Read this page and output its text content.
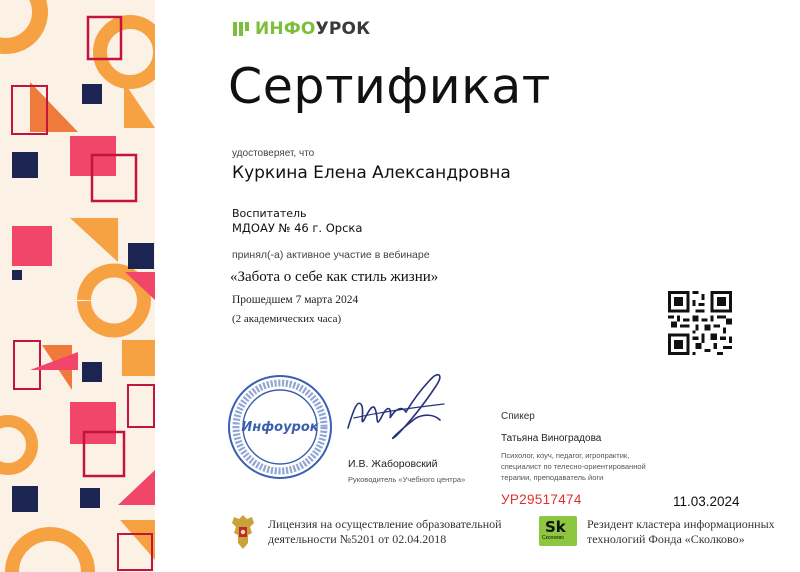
ИНФОУРОК
Сертификат
удостоверяет, что
Куркина Елена Александровна
Воспитатель
МДОАУ № 46 г. Орска
принял(-а) активное участие в вебинаре
«Забота о себе как стиль жизни»
Прошедшем 7 марта 2024
(2 академических часа)
Инфоурок
И.В. Жаборовский
Руководитель «Учебного центра»
Спикер
Татьяна Виноградова
Психолог, коуч, педагог, игропрактик,
специалист по телесно-ориентированной
терапии, преподаватель йоги
УР29517474	11.03.2024
Лицензия на осуществление образовательной
деятельности №5201 от 02.04.2018
Sk
Сколково
Резидент кластера информационных
технологий Фонда «Сколково»
